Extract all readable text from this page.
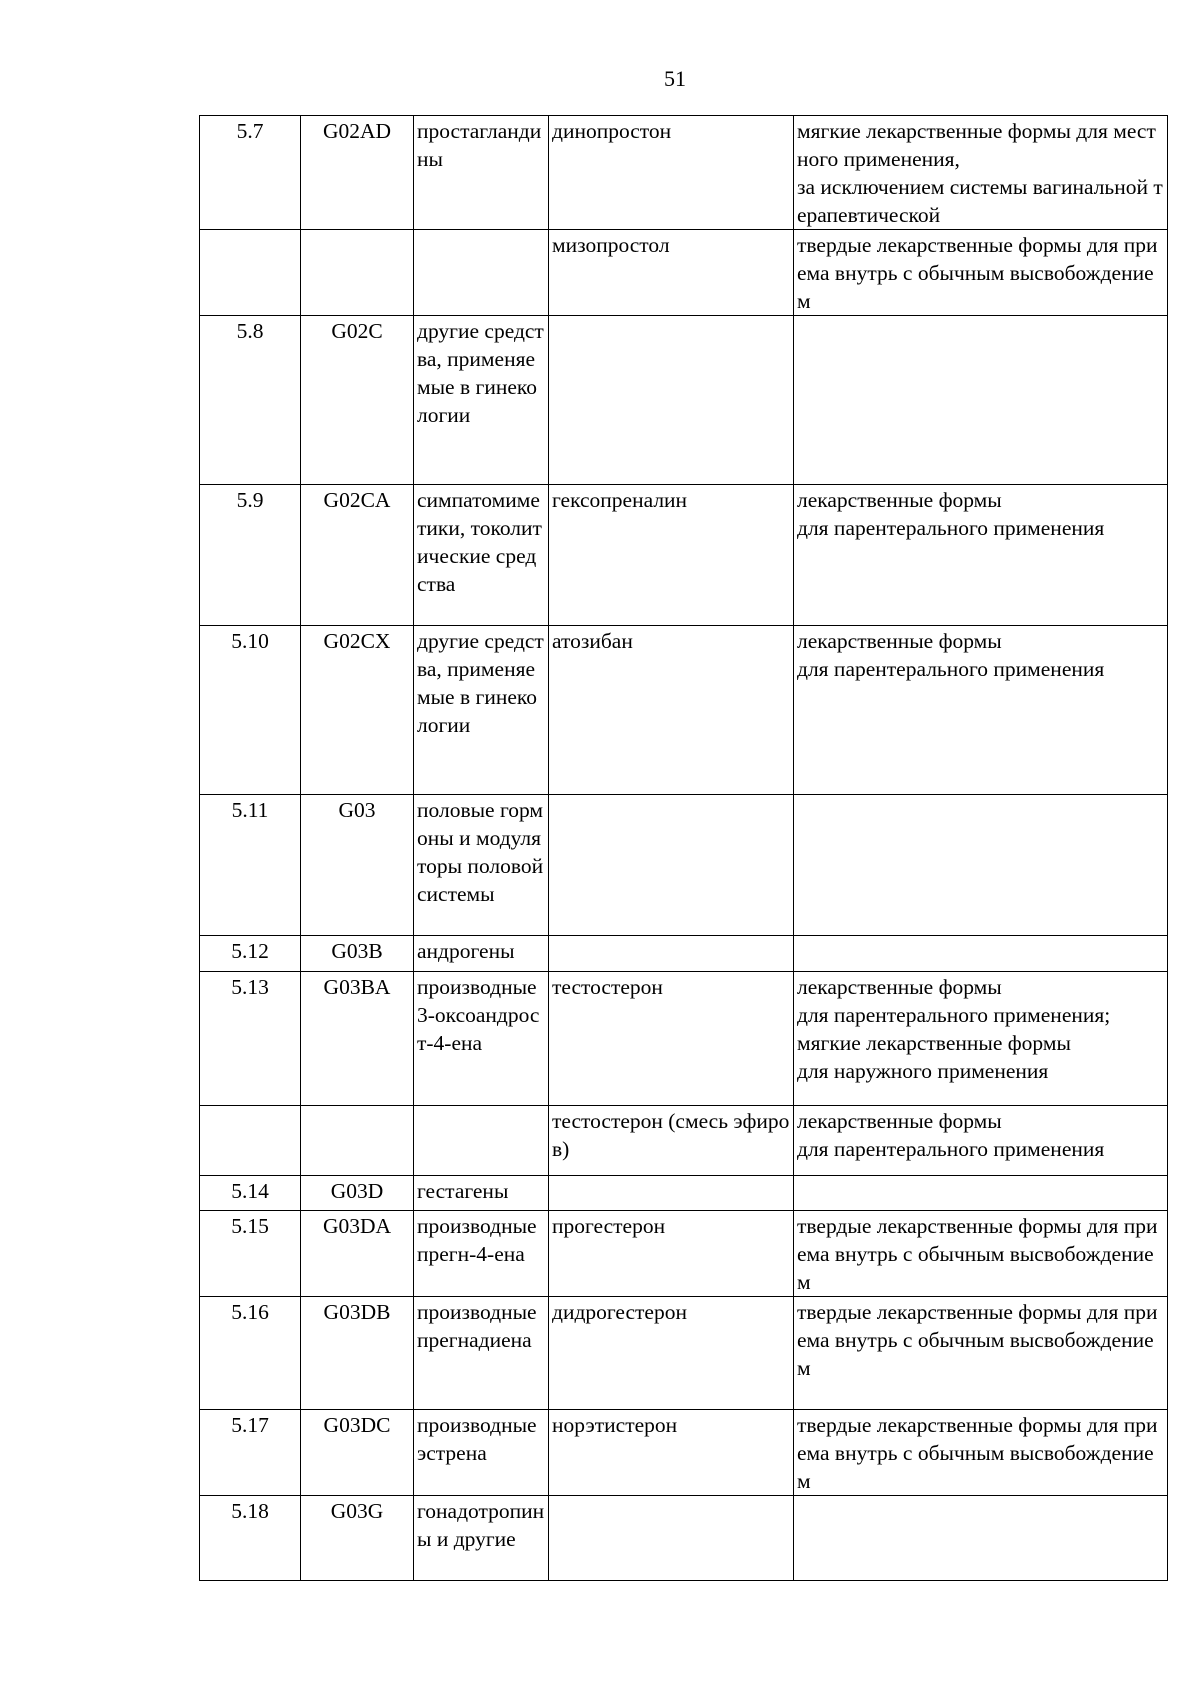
51
5.7	G02AD	простагландины	динопростон	мягкие лекарственные формы для местного применения,
за исключением системы вагинальной терапевтической
			мизопростол	твердые лекарственные формы для приема внутрь с обычным высвобождением
5.8	G02C	другие средства, применяемые в гинекологии		
5.9	G02CA	симпатомиметики, токолитические средства	гексопреналин	лекарственные формы
для парентерального применения
5.10	G02CX	другие средства, применяемые в гинекологии	атозибан	лекарственные формы
для парентерального применения
5.11	G03	половые гормоны и модуляторы половой системы		
5.12	G03B	андрогены		
5.13	G03BA	производные 3-оксоандрост-4-ена	тестостерон	лекарственные формы
для парентерального применения;
мягкие лекарственные формы
для наружного применения
			тестостерон (смесь эфиров)	лекарственные формы
для парентерального применения
5.14	G03D	гестагены		
5.15	G03DA	производные прегн-4-ена	прогестерон	твердые лекарственные формы для приема внутрь с обычным высвобождением
5.16	G03DB	производные прегнадиена	дидрогестерон	твердые лекарственные формы для приема внутрь с обычным высвобождением
5.17	G03DC	производные эстрена	норэтистерон	твердые лекарственные формы для приема внутрь с обычным высвобождением
5.18	G03G	гонадотропины и другие		
